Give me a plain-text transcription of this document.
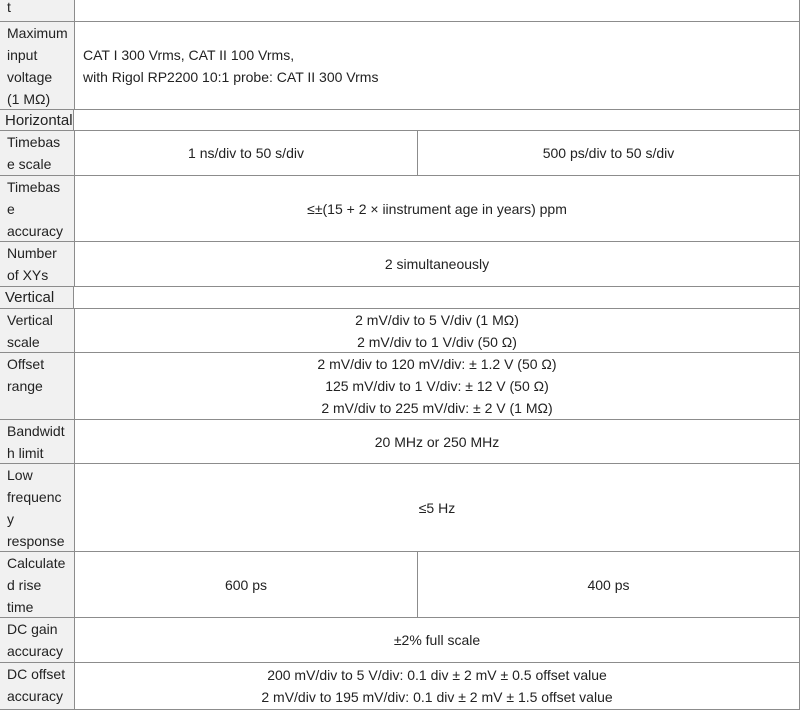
t
Maximum
input
voltage
(1 MΩ)
CAT I 300 Vrms, CAT II 100 Vrms,
with Rigol RP2200 10:1 probe: CAT II 300 Vrms
Horizontal
Timebas
e scale
1 ns/div to 50 s/div	500 ps/div to 50 s/div
Timebas
e
accuracy
≤±(15 + 2 × iinstrument age in years) ppm
Number
of XYs
2 simultaneously
Vertical
Vertical
scale
2 mV/div to 5 V/div (1 MΩ)
2 mV/div to 1 V/div (50 Ω)
Offset
range
2 mV/div to 120 mV/div: ± 1.2 V (50 Ω)
125 mV/div to 1 V/div: ± 12 V (50 Ω)
2 mV/div to 225 mV/div: ± 2 V (1 MΩ)
Bandwidt
h limit
20 MHz or 250 MHz
Low
frequenc
y
response
≤5 Hz
Calculate
d rise
time
600 ps	400 ps
DC gain
accuracy
±2% full scale
DC offset
accuracy
200 mV/div to 5 V/div: 0.1 div ± 2 mV ± 0.5 offset value
2 mV/div to 195 mV/div: 0.1 div ± 2 mV ± 1.5 offset value
